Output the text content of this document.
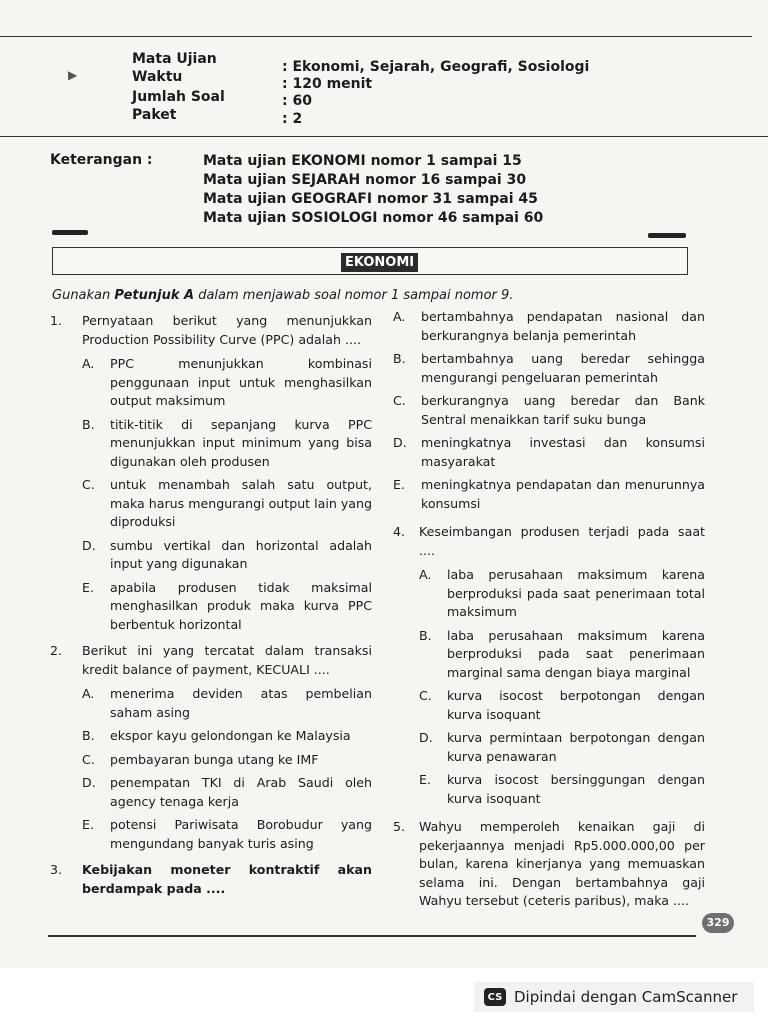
▶
Mata Ujian	: Ekonomi, Sejarah, Geografi, Sosiologi
Waktu	: 120 menit
Jumlah Soal	: 60
Paket	: 2
Keterangan :	Mata ujian EKONOMI nomor 1 sampai 15
Mata ujian SEJARAH nomor 16 sampai 30
Mata ujian GEOGRAFI nomor 31 sampai 45
Mata ujian SOSIOLOGI nomor 46 sampai 60
EKONOMI
Gunakan Petunjuk A dalam menjawab soal nomor 1 sampai nomor 9.
1.	Pernyataan berikut yang menunjukkan Production Possibility Curve (PPC) adalah ....
A.	PPC menunjukkan kombinasi penggunaan input untuk menghasilkan output maksimum
B.	titik-titik di sepanjang kurva PPC menunjukkan input minimum yang bisa digunakan oleh produsen
C.	untuk menambah salah satu output, maka harus mengurangi output lain yang diproduksi
D.	sumbu vertikal dan horizontal adalah input yang digunakan
E.	apabila produsen tidak maksimal menghasilkan produk maka kurva PPC berbentuk horizontal
2.	Berikut ini yang tercatat dalam transaksi kredit balance of payment, KECUALI ....
A.	menerima deviden atas pembelian saham asing
B.	ekspor kayu gelondongan ke Malaysia
C.	pembayaran bunga utang ke IMF
D.	penempatan TKI di Arab Saudi oleh agency tenaga kerja
E.	potensi Pariwisata Borobudur yang mengundang banyak turis asing
3.	Kebijakan moneter kontraktif akan berdampak pada ....
A.	bertambahnya pendapatan nasional dan berkurangnya belanja pemerintah
B.	bertambahnya uang beredar sehingga mengurangi pengeluaran pemerintah
C.	berkurangnya uang beredar dan Bank Sentral menaikkan tarif suku bunga
D.	meningkatnya investasi dan konsumsi masyarakat
E.	meningkatnya pendapatan dan menurunnya konsumsi
4.	Keseimbangan produsen terjadi pada saat ....
A.	laba perusahaan maksimum karena berproduksi pada saat penerimaan total maksimum
B.	laba perusahaan maksimum karena berproduksi pada saat penerimaan marginal sama dengan biaya marginal
C.	kurva isocost berpotongan dengan kurva isoquant
D.	kurva permintaan berpotongan dengan kurva penawaran
E.	kurva isocost bersinggungan dengan kurva isoquant
5.	Wahyu memperoleh kenaikan gaji di pekerjaannya menjadi Rp5.000.000,00 per bulan, karena kinerjanya yang memuaskan selama ini. Dengan bertambahnya gaji Wahyu tersebut (ceteris paribus), maka ....
329
CS Dipindai dengan CamScanner
